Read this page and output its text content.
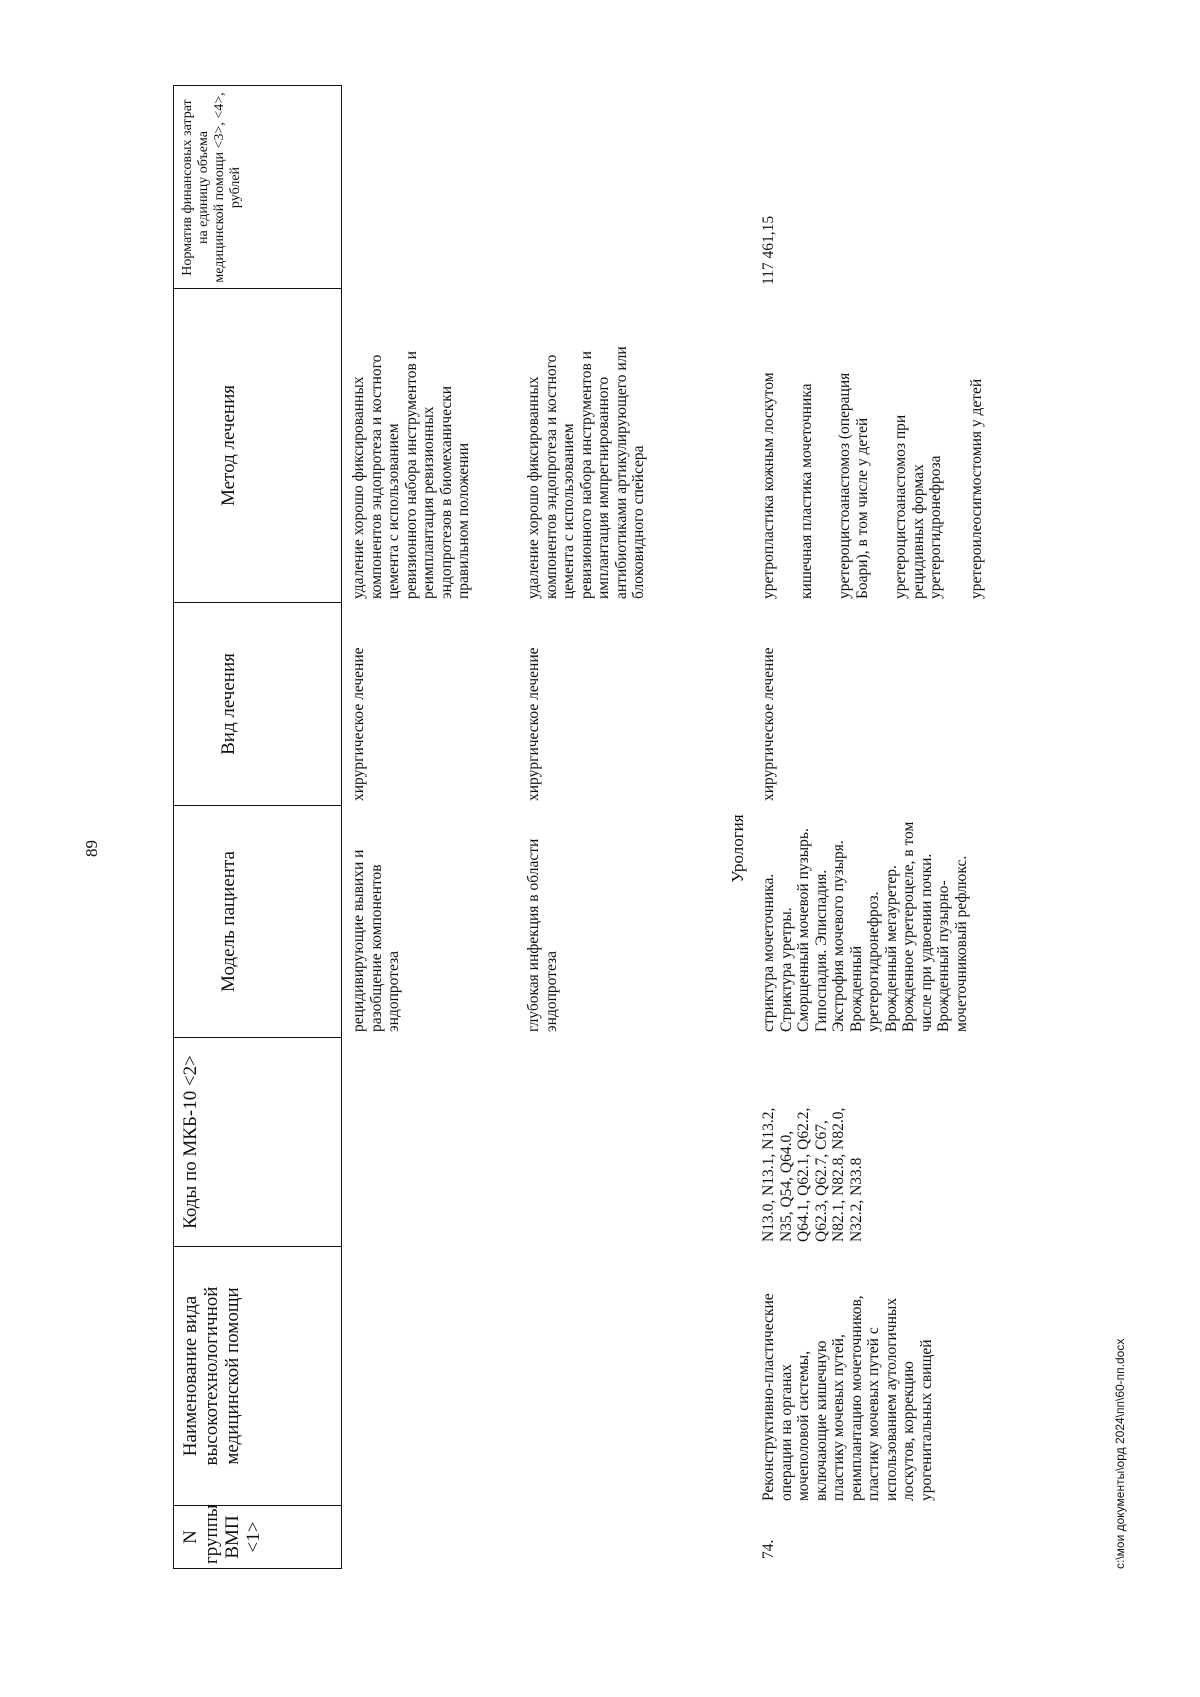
89
N группы ВМП <1>
Наименование вида высокотехнологичной медицинской помощи
Коды по МКБ-10 <2>
Модель пациента
Вид лечения
Метод лечения
Норматив финансовых затрат на единицу объема медицинской помощи <3>, <4>, рублей
рецидивирующие вывихи и
разобщение компонентов
эндопротеза
хирургическое лечение
удаление хорошо фиксированных
компонентов эндопротеза и костного
цемента с использованием
ревизионного набора инструментов и
реимплантация ревизионных
эндопротезов в биомеханически
правильном положении
глубокая инфекция в области
эндопротеза
хирургическое лечение
удаление хорошо фиксированных
компонентов эндопротеза и костного
цемента с использованием
ревизионного набора инструментов и
имплантация импрегнированного
антибиотиками артикулирующего или
блоковидного спейсера
Урология
74.
Реконструктивно-пластические
операции на органах
мочеполовой системы,
включающие кишечную
пластику мочевых путей,
реимплантацию мочеточников,
пластику мочевых путей с
использованием аутологичных
лоскутов, коррекцию
урогенитальных свищей
N13.0, N13.1, N13.2,
N35, Q54, Q64.0,
Q64.1, Q62.1, Q62.2,
Q62.3, Q62.7, C67,
N82.1, N82.8, N82.0,
N32.2, N33.8
стриктура мочеточника.
Стриктура уретры.
Сморщенный мочевой пузырь.
Гипоспадия. Эписпадия.
Экстрофия мочевого пузыря.
Врожденный
уретерогидронефроз.
Врожденный мегауретер.
Врожденное уретероцеле, в том
числе при удвоении почки.
Врожденный пузырно-
мочеточниковый рефлюкс.
хирургическое лечение
уретропластика кожным лоскутом кишечная пластика мочеточника уретероцистоанастомоз (операция
Боари), в том числе у детей
уретероцистоанастомоз при
рецидивных формах
уретерогидронефроза уретероилеосигмостомия у детей
117 461,15
c:\мои документы\орд 2024\пп\60-пп.docx
